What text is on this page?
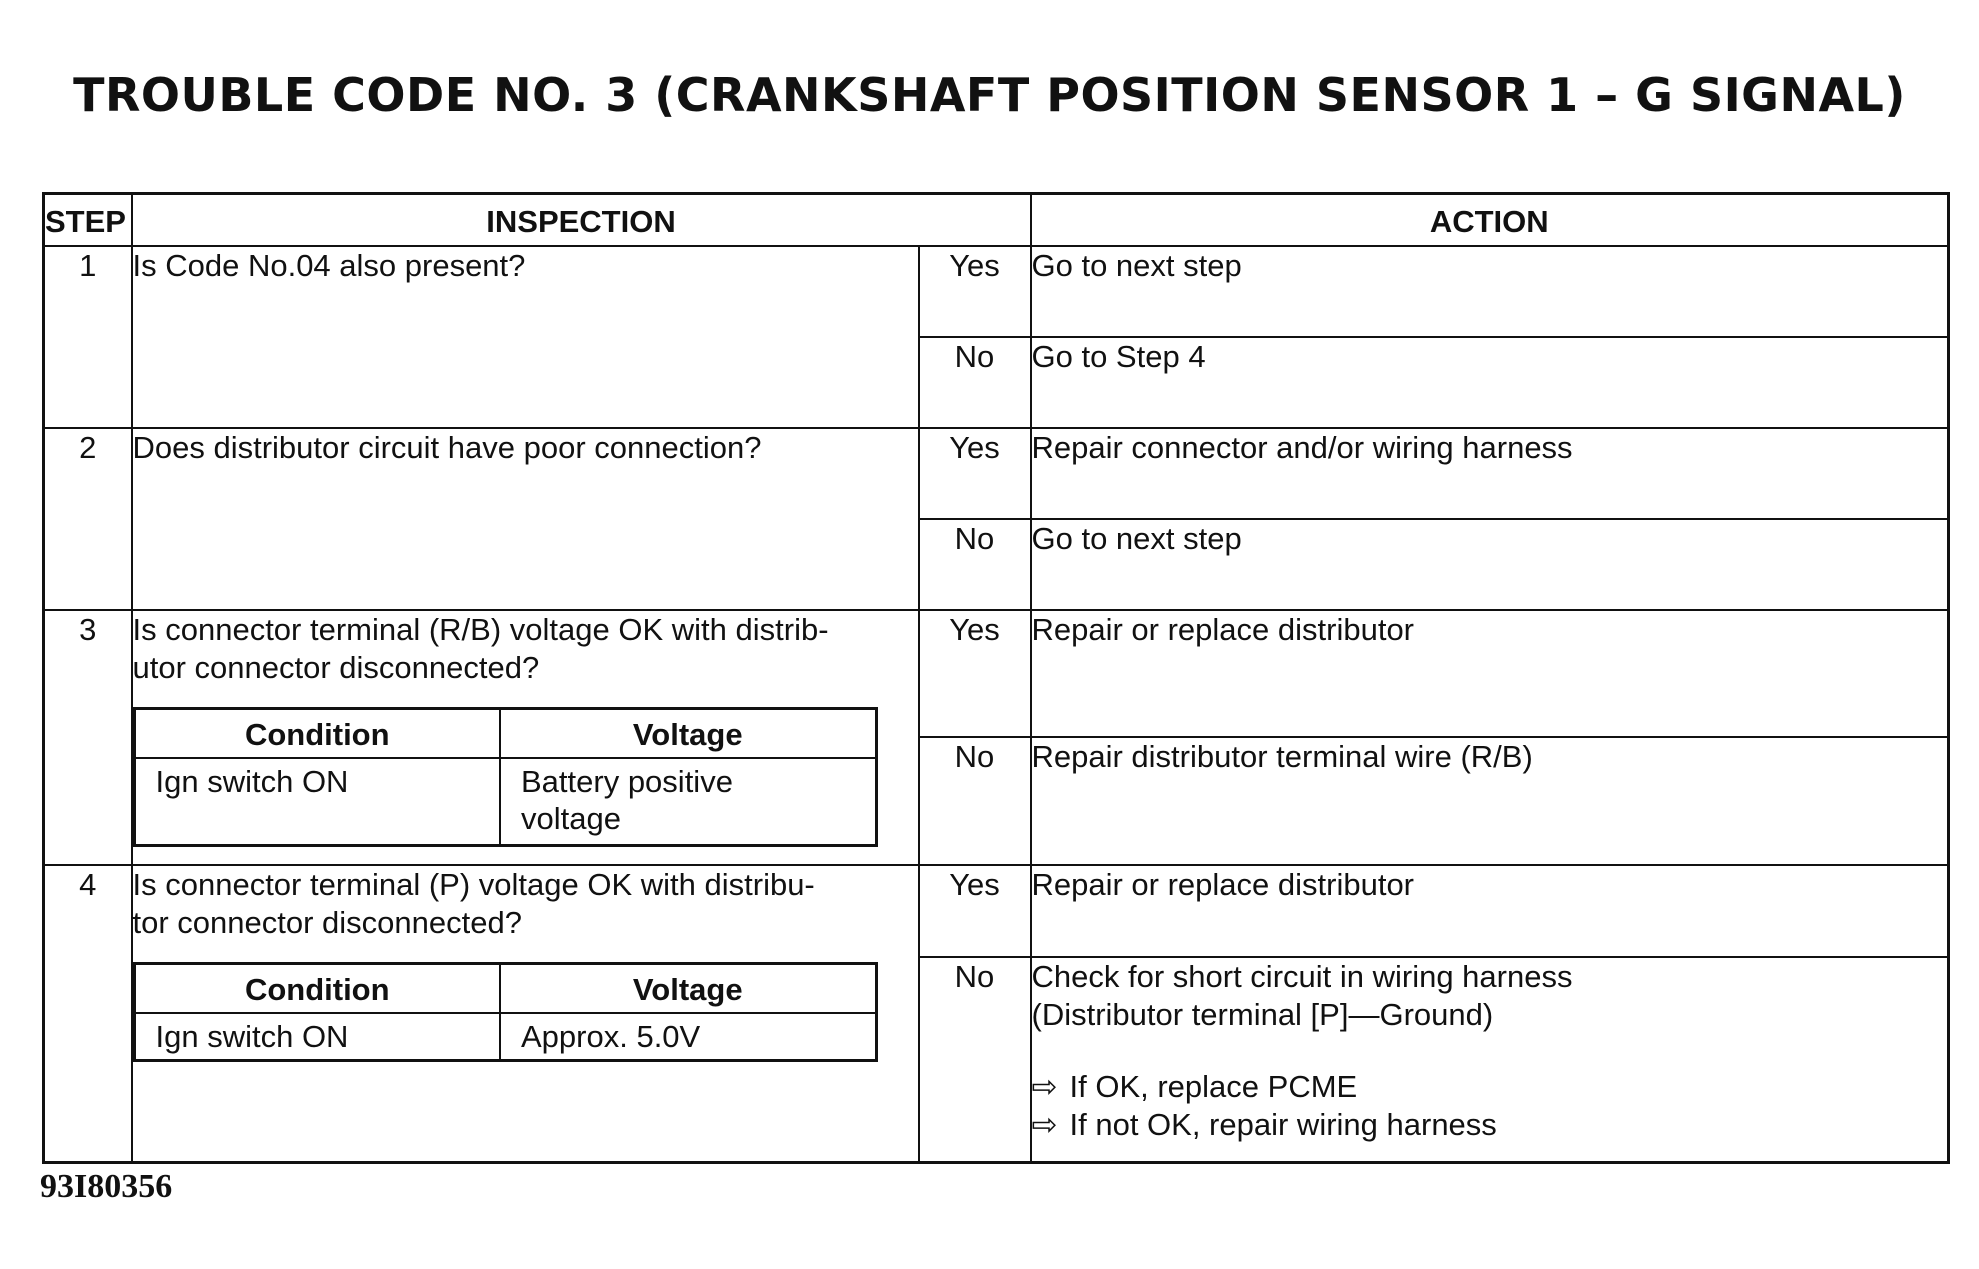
TROUBLE CODE NO. 3 (CRANKSHAFT POSITION SENSOR 1 – G SIGNAL)
STEP	INSPECTION	ACTION
1	Is Code No.04 also present?	Yes	Go to next step
No	Go to Step 4
2	Does distributor circuit have poor connection?	Yes	Repair connector and/or wiring harness
No	Go to next step
3	Is connector terminal (R/B) voltage OK with distrib-
utor connector disconnected?
Condition	Voltage
Ign switch ON	Battery positive
voltage
	Yes	Repair or replace distributor
No	Repair distributor terminal wire (R/B)
4	Is connector terminal (P) voltage OK with distribu-
tor connector disconnected?
Condition	Voltage
Ign switch ON	Approx. 5.0V
	Yes	Repair or replace distributor
No	Check for short circuit in wiring harness
(Distributor terminal [P]—Ground)
⇨ If OK, replace PCME
⇨ If not OK, repair wiring harness
93I80356
